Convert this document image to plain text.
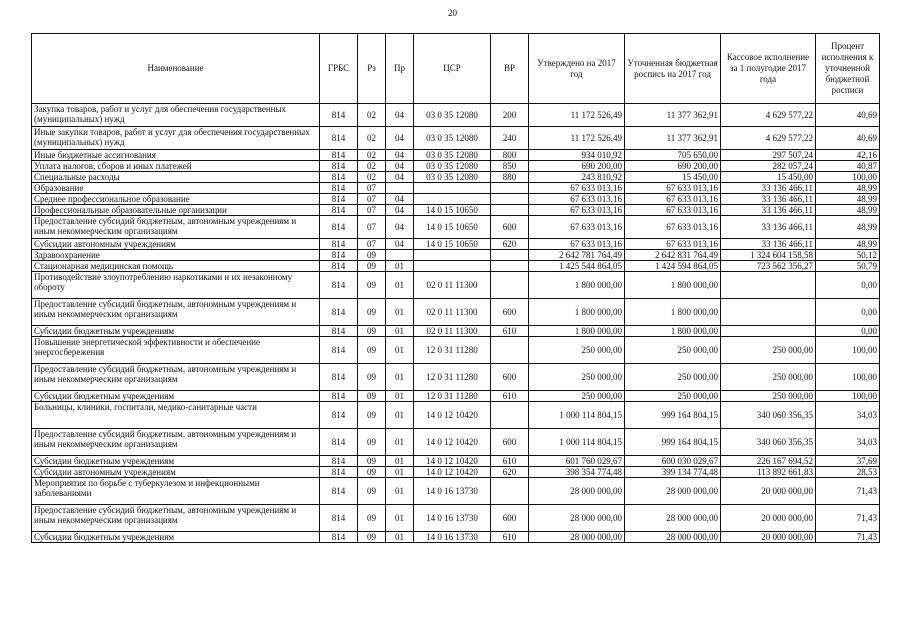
20
Наименование	ГРБС	Рз	Пр	ЦСР	ВР	Утверждено на 2017 год	Уточненная бюджетная роспись на 2017 год	Кассовое исполнение за 1 полугодие 2017 года	Процент исполнения к уточненной бюджетной росписи
Закупка товаров, работ и услуг для обеспечения государственных (муниципальных) нужд	814	02	04	03 0 35 12080	200	11 172 526,49	11 377 362,91	4 629 577,22	40,69
Иные закупки товаров, работ и услуг для обеспечения государственных (муниципальных) нужд	814	02	04	03 0 35 12080	240	11 172 526,49	11 377 362,91	4 629 577,22	40,69
Иные бюджетные ассигнования	814	02	04	03 0 35 12080	800	934 010,92	705 650,00	297 507,24	42,16
Уплата налогов, сборов и иных платежей	814	02	04	03 0 35 12080	850	690 200,00	690 200,00	282 057,24	40,87
Специальные расходы	814	02	04	03 0 35 12080	880	243 810,92	15 450,00	15 450,00	100,00
Образование	814	07				67 633 013,16	67 633 013,16	33 136 466,11	48,99
Среднее профессиональное образование	814	07	04			67 633 013,16	67 633 013,16	33 136 466,11	48,99
Профессиональные образовательные организации	814	07	04	14 0 15 10650		67 633 013,16	67 633 013,16	33 136 466,11	48,99
Предоставление субсидий бюджетным, автономным учреждениям и иным некоммерческим организациям	814	07	04	14 0 15 10650	600	67 633 013,16	67 633 013,16	33 136 466,11	48,99
Субсидии автономным учреждениям	814	07	04	14 0 15 10650	620	67 633 013,16	67 633 013,16	33 136 466,11	48,99
Здравоохранение	814	09				2 642 781 764,49	2 642 831 764,49	1 324 604 158,58	50,12
Стационарная медицинская помощь	814	09	01			1 425 544 864,05	1 424 594 864,05	723 562 356,27	50,79
Противодействие злоупотреблению наркотиками и их незаконному обороту	814	09	01	02 0 11 11300		1 800 000,00	1 800 000,00		0,00
Предоставление субсидий бюджетным, автономным учреждениям и иным некоммерческим организациям	814	09	01	02 0 11 11300	600	1 800 000,00	1 800 000,00		0,00
Субсидии бюджетным учреждениям	814	09	01	02 0 11 11300	610	1 800 000,00	1 800 000,00		0,00
Повышение энергетической эффективности и обеспечение энергосбережения	814	09	01	12 0 31 11280		250 000,00	250 000,00	250 000,00	100,00
Предоставление субсидий бюджетным, автономным учреждениям и иным некоммерческим организациям	814	09	01	12 0 31 11280	600	250 000,00	250 000,00	250 000,00	100,00
Субсидии бюджетным учреждениям	814	09	01	12 0 31 11280	610	250 000,00	250 000,00	250 000,00	100,00
Больницы, клиники, госпитали, медико-санитарные части	814	09	01	14 0 12 10420		1 000 114 804,15	999 164 804,15	340 060 356,35	34,03
Предоставление субсидий бюджетным, автономным учреждениям и иным некоммерческим организациям	814	09	01	14 0 12 10420	600	1 000 114 804,15	999 164 804,15	340 060 356,35	34,03
Субсидии бюджетным учреждениям	814	09	01	14 0 12 10420	610	601 760 029,67	600 030 029,67	226 167 694,52	37,69
Субсидии автономным учреждениям	814	09	01	14 0 12 10420	620	398 354 774,48	399 134 774,48	113 892 661,83	28,53
Мероприятия по борьбе с туберкулезом и инфекционными заболеваниями	814	09	01	14 0 16 13730		28 000 000,00	28 000 000,00	20 000 000,00	71,43
Предоставление субсидий бюджетным, автономным учреждениям и иным некоммерческим организациям	814	09	01	14 0 16 13730	600	28 000 000,00	28 000 000,00	20 000 000,00	71,43
Субсидии бюджетным учреждениям	814	09	01	14 0 16 13730	610	28 000 000,00	28 000 000,00	20 000 000,00	71,43
